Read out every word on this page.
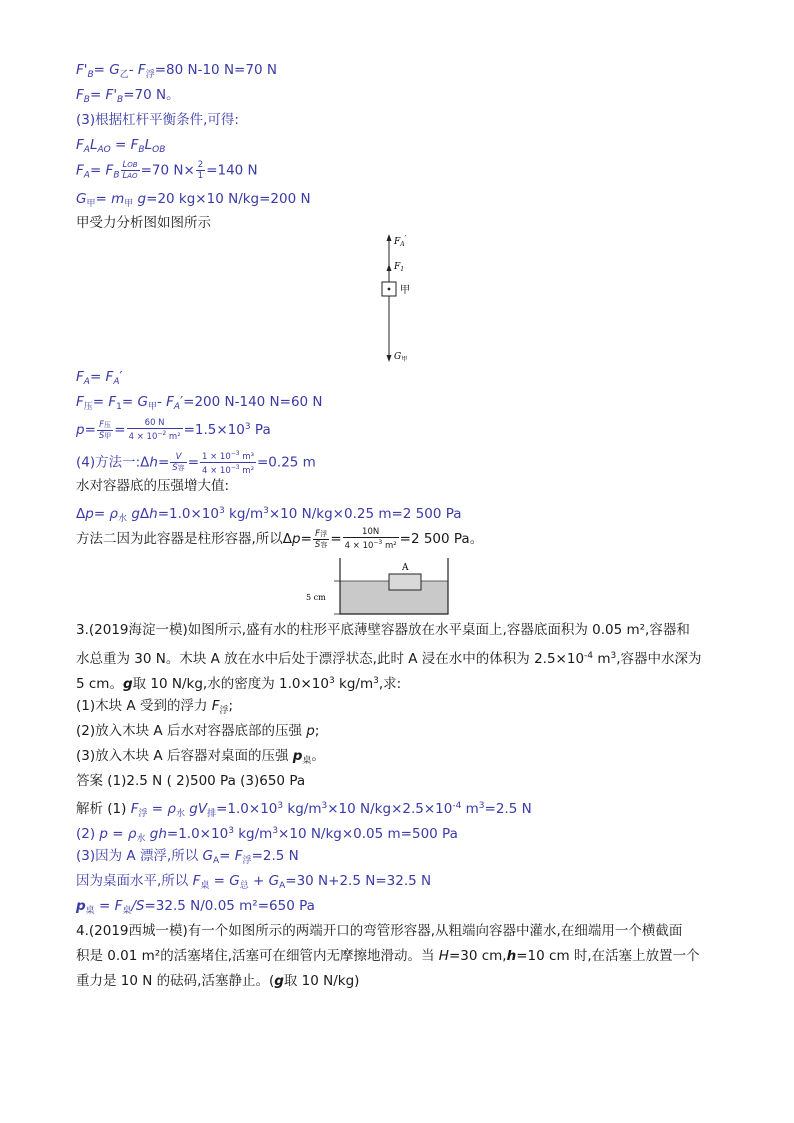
$F'_B= G_乙-$ $F_浮=80$ N-10 N=70 N
$F_B= F'_B=70$ N。
(3)根据杠杆平衡条件,可得:
$F_AL_{AO} = F_BL_{OB}$
$F_A= F_B \frac{\text{LOB}}{\text{LAO}} =70$ $N\times \frac{2}{1} =140$ N
$G_甲= m_甲$ g=20 kg×10 N/kg=200 N
甲受力分析图如图所示
$F_A'$
$F_1$
甲
$G_甲$
$F_A= F_A'$
$F_压= F_1= G_甲-$ $F_A'=200$ N-140 N=60 N
$p= \frac{\text{F压}}{\text{S甲}} = \frac{60 N}{4 \times 10^{-2} m^2} =1.5\times 10^3$ Pa
(4)方法一:Δh= $\frac{V}{\text{S容}} = \frac{1 \times 10^{-3} m^3}{4 \times 10^{-3} m^2} =0.25$ m
水对容器底的压强增大值:
$\Delta p= \rho_水$ $g\Delta h=1.0\times 10^3$ $kg/m^3\times 10$ N/kg×0.25 m=2 500 Pa
方法二因为此容器是柱形容器,所以$\Delta p= \frac{\text{F浮}}{\text{S容}} = \frac{10N}{4 \times 10^{-3} m^2} =2$ 500 Pa。
A
5 cm
3.(2019海淀一模)如图所示,盛有水的柱形平底薄壁容器放在水平桌面上,容器底面积为 0.05 m²,容器和
水总重为 30 N。木块 A 放在水中后处于漂浮状态,此时 A 浸在水中的体积为 $2.5\times 10^{-4}$ $m^3$,容器中水深为
5 cm。g取 10 N/kg,水的密度为 $1.0\times 10^3$ $kg/m^3$,求:
(1)木块 A 受到的浮力 $F_浮$;
(2)放入木块 A 后水对容器底部的压强 p;
(3)放入木块 A 后容器对桌面的压强 $p_桌$。
答案 (1)2.5 N ( 2)500 Pa (3)650 Pa
解析 (1) $F_浮 = \rho_水$ $gV_排=1.0\times 10^3$ $kg/m^3\times 10$ $N/kg\times 2.5\times 10^{-4}$ $m^3=2.5$ N
(2) $p = \rho_水$ $gh=1.0\times 10^3$ $kg/m^3\times 10$ N/kg×0.05 m=500 Pa
(3)因为 A 漂浮,所以 $G_A= F_浮=2.5$ N
因为桌面水平,所以 $F_桌 = G_总 + G_A=30$ N+2.5 N=32.5 N
$p_桌 = F_桌/S=32.5$ N/0.05 m²=650 Pa
4.(2019西城一模)有一个如图所示的两端开口的弯管形容器,从粗端向容器中灌水,在细端用一个横截面
积是 0.01 m²的活塞堵住,活塞可在细管内无摩擦地滑动。当 H=30 cm,h=10 cm 时,在活塞上放置一个
重力是 10 N 的砝码,活塞静止。(g取 10 N/kg)
